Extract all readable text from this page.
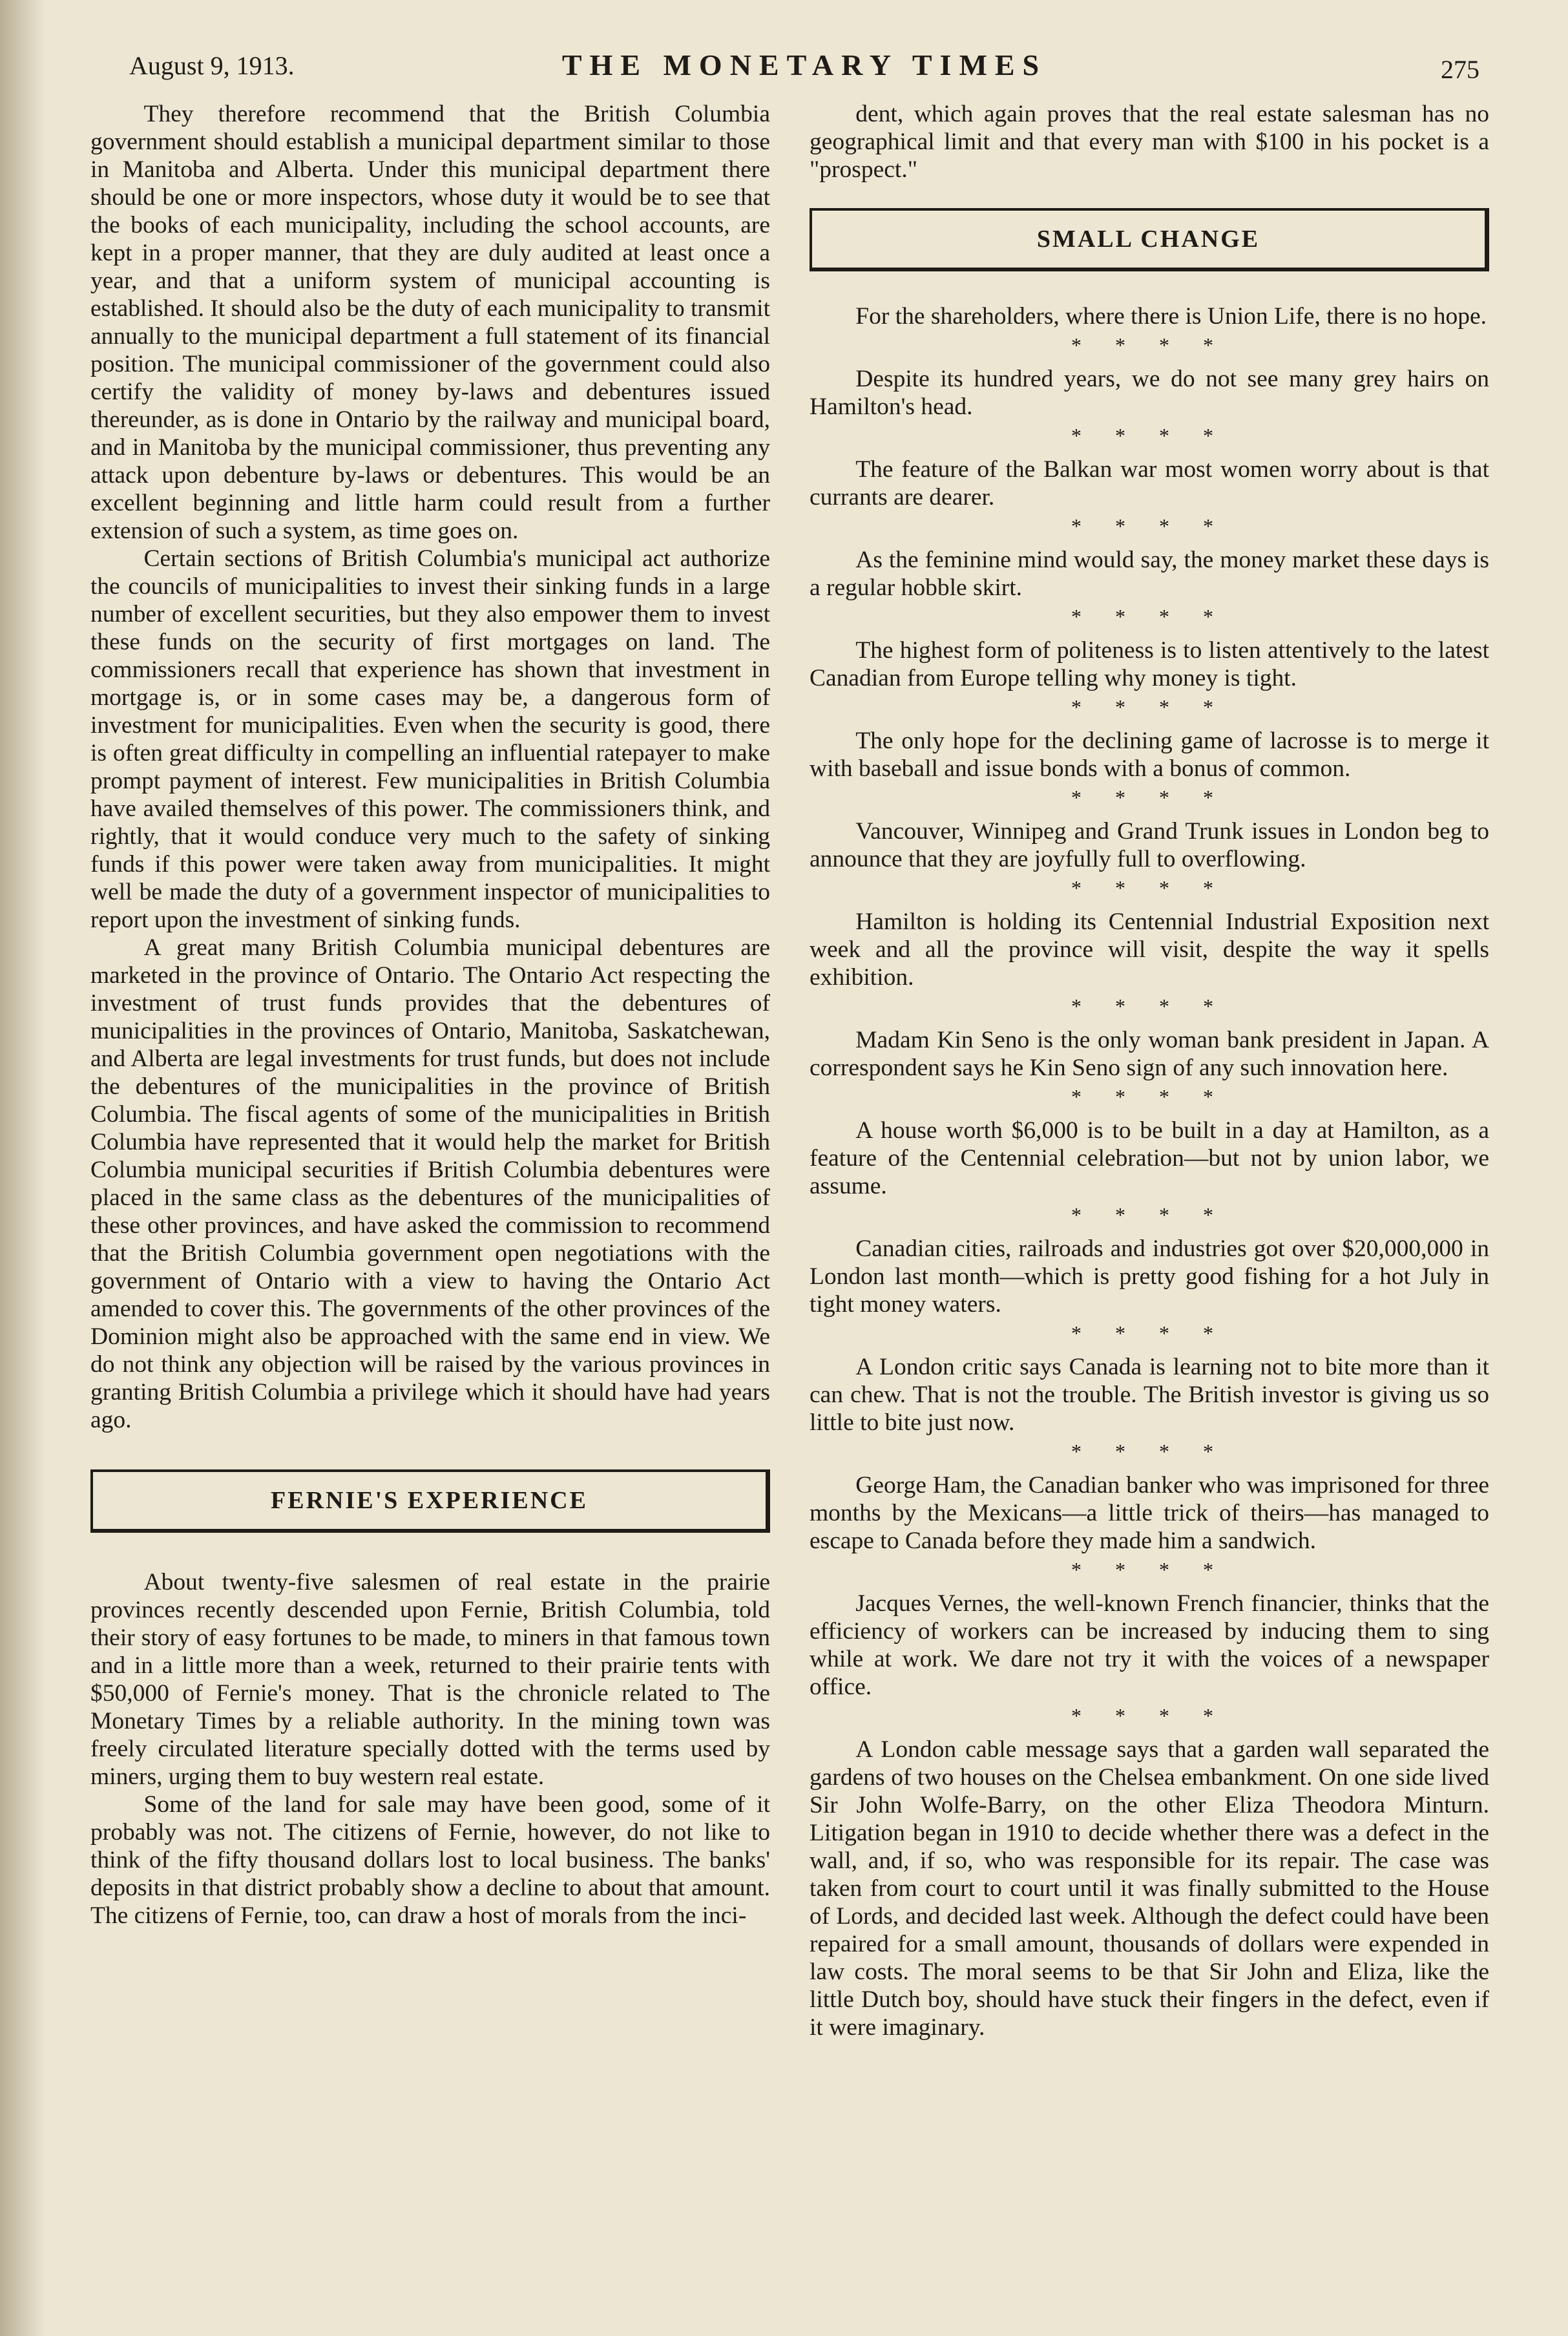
August 9, 1913.	THE MONETARY TIMES	275

They therefore recommend that the British Columbia government should establish a municipal department similar to those in Manitoba and Alberta. Under this municipal department there should be one or more inspectors, whose duty it would be to see that the books of each municipality, including the school accounts, are kept in a proper manner, that they are duly audited at least once a year, and that a uniform system of municipal accounting is established. It should also be the duty of each municipality to transmit annually to the municipal department a full statement of its financial position. The municipal commissioner of the government could also certify the validity of money by-laws and debentures issued thereunder, as is done in Ontario by the railway and municipal board, and in Manitoba by the municipal commissioner, thus preventing any attack upon debenture by-laws or debentures. This would be an excellent beginning and little harm could result from a further extension of such a system, as time goes on.

Certain sections of British Columbia's municipal act authorize the councils of municipalities to invest their sinking funds in a large number of excellent securities, but they also empower them to invest these funds on the security of first mortgages on land. The commissioners recall that experience has shown that investment in mortgage is, or in some cases may be, a dangerous form of investment for municipalities. Even when the security is good, there is often great difficulty in compelling an influential ratepayer to make prompt payment of interest. Few municipalities in British Columbia have availed themselves of this power. The commissioners think, and rightly, that it would conduce very much to the safety of sinking funds if this power were taken away from municipalities. It might well be made the duty of a government inspector of municipalities to report upon the investment of sinking funds.

A great many British Columbia municipal debentures are marketed in the province of Ontario. The Ontario Act respecting the investment of trust funds provides that the debentures of municipalities in the provinces of Ontario, Manitoba, Saskatchewan, and Alberta are legal investments for trust funds, but does not include the debentures of the municipalities in the province of British Columbia. The fiscal agents of some of the municipalities in British Columbia have represented that it would help the market for British Columbia municipal securities if British Columbia debentures were placed in the same class as the debentures of the municipalities of these other provinces, and have asked the commission to recommend that the British Columbia government open negotiations with the government of Ontario with a view to having the Ontario Act amended to cover this. The governments of the other provinces of the Dominion might also be approached with the same end in view. We do not think any objection will be raised by the various provinces in granting British Columbia a privilege which it should have had years ago.

FERNIE'S EXPERIENCE

About twenty-five salesmen of real estate in the prairie provinces recently descended upon Fernie, British Columbia, told their story of easy fortunes to be made, to miners in that famous town and in a little more than a week, returned to their prairie tents with $50,000 of Fernie's money. That is the chronicle related to The Monetary Times by a reliable authority. In the mining town was freely circulated literature specially dotted with the terms used by miners, urging them to buy western real estate.

Some of the land for sale may have been good, some of it probably was not. The citizens of Fernie, however, do not like to think of the fifty thousand dollars lost to local business. The banks' deposits in that district probably show a decline to about that amount. The citizens of Fernie, too, can draw a host of morals from the inci-

dent, which again proves that the real estate salesman has no geographical limit and that every man with $100 in his pocket is a "prospect."

SMALL CHANGE

For the shareholders, where there is Union Life, there is no hope.

* * * *

Despite its hundred years, we do not see many grey hairs on Hamilton's head.

* * * *

The feature of the Balkan war most women worry about is that currants are dearer.

* * * *

As the feminine mind would say, the money market these days is a regular hobble skirt.

* * * *

The highest form of politeness is to listen attentively to the latest Canadian from Europe telling why money is tight.

* * * *

The only hope for the declining game of lacrosse is to merge it with baseball and issue bonds with a bonus of common.

* * * *

Vancouver, Winnipeg and Grand Trunk issues in London beg to announce that they are joyfully full to overflowing.

* * * *

Hamilton is holding its Centennial Industrial Exposition next week and all the province will visit, despite the way it spells exhibition.

* * * *

Madam Kin Seno is the only woman bank president in Japan. A correspondent says he Kin Seno sign of any such innovation here.

* * * *

A house worth $6,000 is to be built in a day at Hamilton, as a feature of the Centennial celebration—but not by union labor, we assume.

* * * *

Canadian cities, railroads and industries got over $20,000,000 in London last month—which is pretty good fishing for a hot July in tight money waters.

* * * *

A London critic says Canada is learning not to bite more than it can chew. That is not the trouble. The British investor is giving us so little to bite just now.

* * * *

George Ham, the Canadian banker who was imprisoned for three months by the Mexicans—a little trick of theirs—has managed to escape to Canada before they made him a sandwich.

* * * *

Jacques Vernes, the well-known French financier, thinks that the efficiency of workers can be increased by inducing them to sing while at work. We dare not try it with the voices of a newspaper office.

* * * *

A London cable message says that a garden wall separated the gardens of two houses on the Chelsea embankment. On one side lived Sir John Wolfe-Barry, on the other Eliza Theodora Minturn. Litigation began in 1910 to decide whether there was a defect in the wall, and, if so, who was responsible for its repair. The case was taken from court to court until it was finally submitted to the House of Lords, and decided last week. Although the defect could have been repaired for a small amount, thousands of dollars were expended in law costs. The moral seems to be that Sir John and Eliza, like the little Dutch boy, should have stuck their fingers in the defect, even if it were imaginary.
